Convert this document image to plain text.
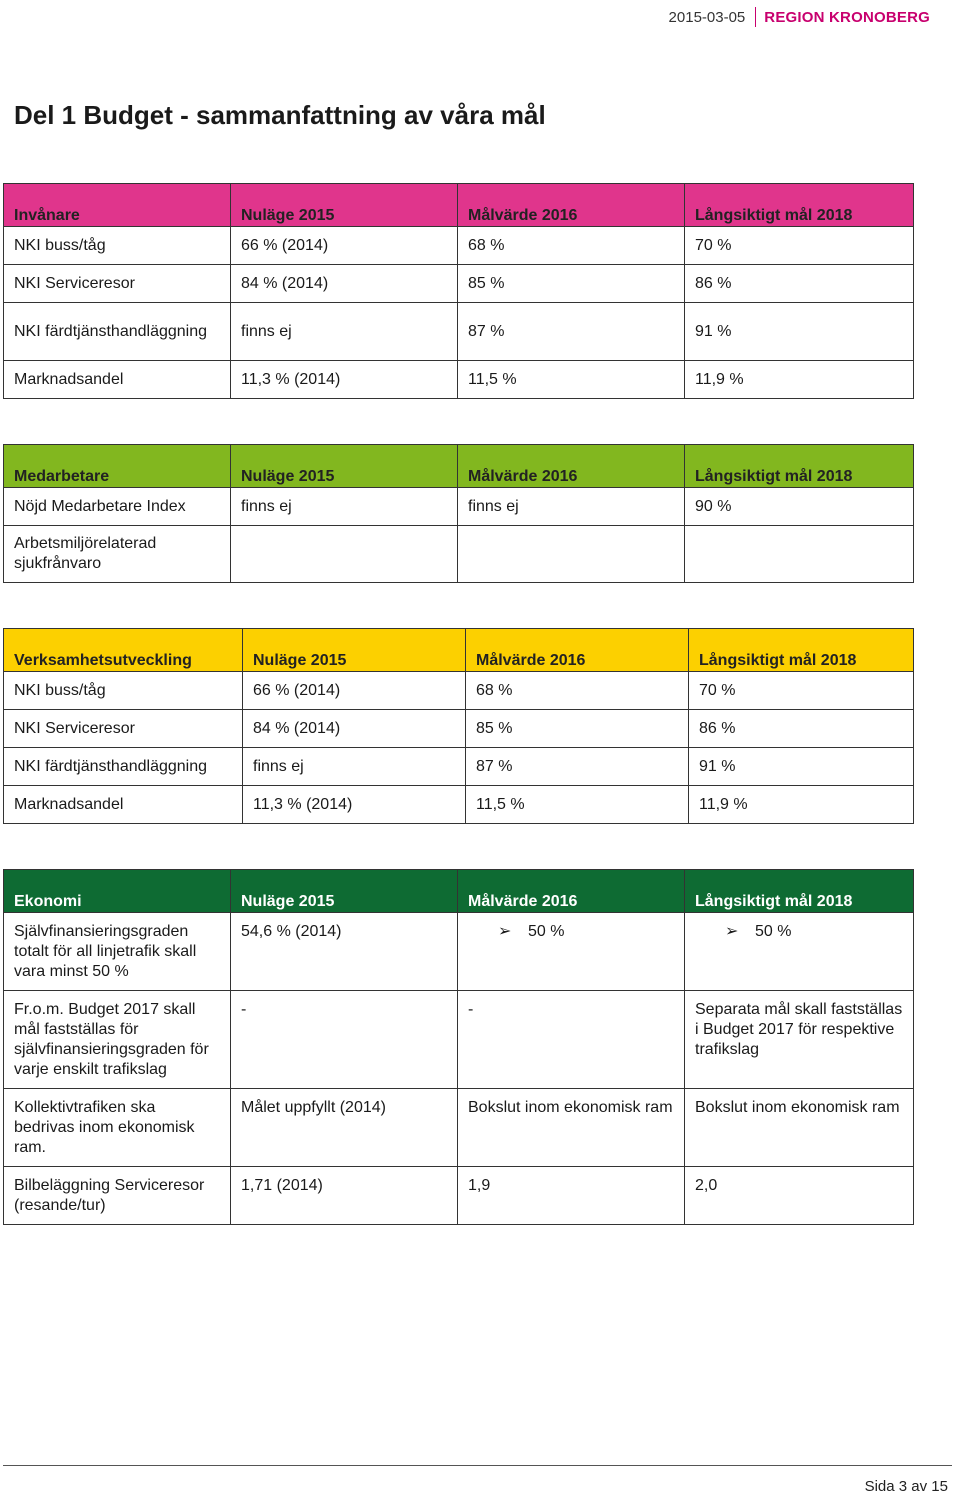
2015-03-05	REGION KRONOBERG
Del 1 Budget - sammanfattning av våra mål
Invånare	Nuläge 2015	Målvärde 2016	Långsiktigt mål 2018
NKI buss/tåg	66 % (2014)	68 %	70 %
NKI Serviceresor	84 % (2014)	85 %	86 %
NKI färdtjänsthandläggning	finns ej	87 %	91 %
Marknadsandel	11,3 % (2014)	11,5 %	11,9 %
Medarbetare	Nuläge 2015	Målvärde 2016	Långsiktigt mål 2018
Nöjd Medarbetare Index	finns ej	finns ej	90 %
Arbetsmiljörelaterad sjukfrånvaro			
Verksamhetsutveckling	Nuläge 2015	Målvärde 2016	Långsiktigt mål 2018
NKI buss/tåg	66 % (2014)	68 %	70 %
NKI Serviceresor	84 % (2014)	85 %	86 %
NKI färdtjänsthandläggning	finns ej	87 %	91 %
Marknadsandel	11,3 % (2014)	11,5 %	11,9 %
Ekonomi	Nuläge 2015	Målvärde 2016	Långsiktigt mål 2018
Självfinansieringsgraden totalt för all linjetrafik skall vara minst 50 %	54,6 % (2014)	➢ 50 %	➢ 50 %
Fr.o.m. Budget 2017 skall mål fastställas för självfinansieringsgraden för varje enskilt trafikslag	-	-	Separata mål skall fastställas i Budget 2017 för respektive trafikslag
Kollektivtrafiken ska bedrivas inom ekonomisk ram.	Målet uppfyllt (2014)	Bokslut inom ekonomisk ram	Bokslut inom ekonomisk ram
Bilbeläggning Serviceresor (resande/tur)	1,71 (2014)	1,9	2,0
Sida 3 av 15
